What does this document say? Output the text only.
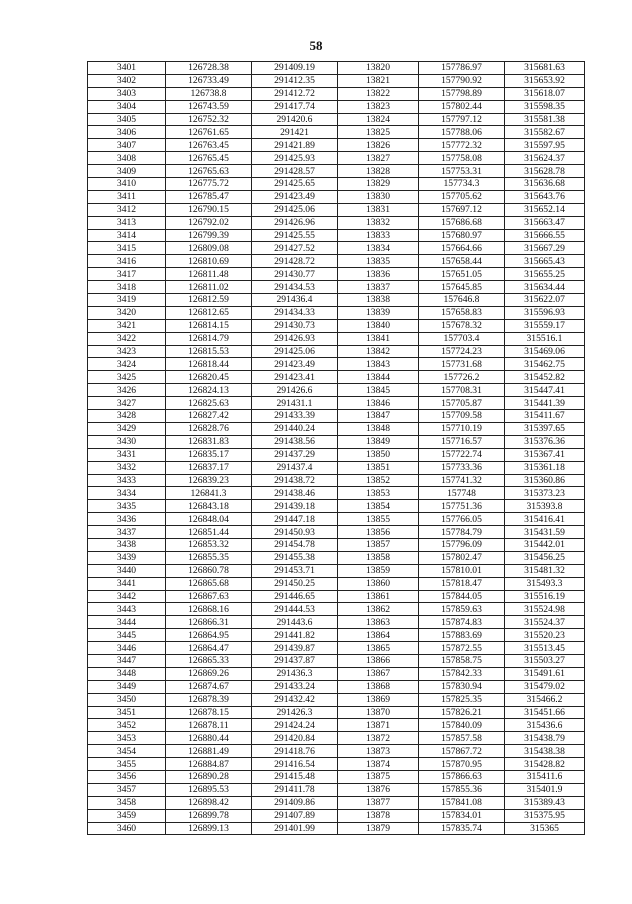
58
3401	126728.38	291409.19	13820	157786.97	315681.63
3402	126733.49	291412.35	13821	157790.92	315653.92
3403	126738.8	291412.72	13822	157798.89	315618.07
3404	126743.59	291417.74	13823	157802.44	315598.35
3405	126752.32	291420.6	13824	157797.12	315581.38
3406	126761.65	291421	13825	157788.06	315582.67
3407	126763.45	291421.89	13826	157772.32	315597.95
3408	126765.45	291425.93	13827	157758.08	315624.37
3409	126765.63	291428.57	13828	157753.31	315628.78
3410	126775.72	291425.65	13829	157734.3	315636.68
3411	126785.47	291423.49	13830	157705.62	315643.76
3412	126790.15	291425.06	13831	157697.12	315652.14
3413	126792.02	291426.96	13832	157686.68	315663.47
3414	126799.39	291425.55	13833	157680.97	315666.55
3415	126809.08	291427.52	13834	157664.66	315667.29
3416	126810.69	291428.72	13835	157658.44	315665.43
3417	126811.48	291430.77	13836	157651.05	315655.25
3418	126811.02	291434.53	13837	157645.85	315634.44
3419	126812.59	291436.4	13838	157646.8	315622.07
3420	126812.65	291434.33	13839	157658.83	315596.93
3421	126814.15	291430.73	13840	157678.32	315559.17
3422	126814.79	291426.93	13841	157703.4	315516.1
3423	126815.53	291425.06	13842	157724.23	315469.06
3424	126818.44	291423.49	13843	157731.68	315462.75
3425	126820.45	291423.41	13844	157726.2	315452.82
3426	126824.13	291426.6	13845	157708.31	315447.41
3427	126825.63	291431.1	13846	157705.87	315441.39
3428	126827.42	291433.39	13847	157709.58	315411.67
3429	126828.76	291440.24	13848	157710.19	315397.65
3430	126831.83	291438.56	13849	157716.57	315376.36
3431	126835.17	291437.29	13850	157722.74	315367.41
3432	126837.17	291437.4	13851	157733.36	315361.18
3433	126839.23	291438.72	13852	157741.32	315360.86
3434	126841.3	291438.46	13853	157748	315373.23
3435	126843.18	291439.18	13854	157751.36	315393.8
3436	126848.04	291447.18	13855	157766.05	315416.41
3437	126851.44	291450.93	13856	157784.79	315431.59
3438	126853.32	291454.78	13857	157796.09	315442.01
3439	126855.35	291455.38	13858	157802.47	315456.25
3440	126860.78	291453.71	13859	157810.01	315481.32
3441	126865.68	291450.25	13860	157818.47	315493.3
3442	126867.63	291446.65	13861	157844.05	315516.19
3443	126868.16	291444.53	13862	157859.63	315524.98
3444	126866.31	291443.6	13863	157874.83	315524.37
3445	126864.95	291441.82	13864	157883.69	315520.23
3446	126864.47	291439.87	13865	157872.55	315513.45
3447	126865.33	291437.87	13866	157858.75	315503.27
3448	126869.26	291436.3	13867	157842.33	315491.61
3449	126874.67	291433.24	13868	157830.94	315479.02
3450	126878.39	291432.42	13869	157825.35	315466.2
3451	126878.15	291426.3	13870	157826.21	315451.66
3452	126878.11	291424.24	13871	157840.09	315436.6
3453	126880.44	291420.84	13872	157857.58	315438.79
3454	126881.49	291418.76	13873	157867.72	315438.38
3455	126884.87	291416.54	13874	157870.95	315428.82
3456	126890.28	291415.48	13875	157866.63	315411.6
3457	126895.53	291411.78	13876	157855.36	315401.9
3458	126898.42	291409.86	13877	157841.08	315389.43
3459	126899.78	291407.89	13878	157834.01	315375.95
3460	126899.13	291401.99	13879	157835.74	315365
